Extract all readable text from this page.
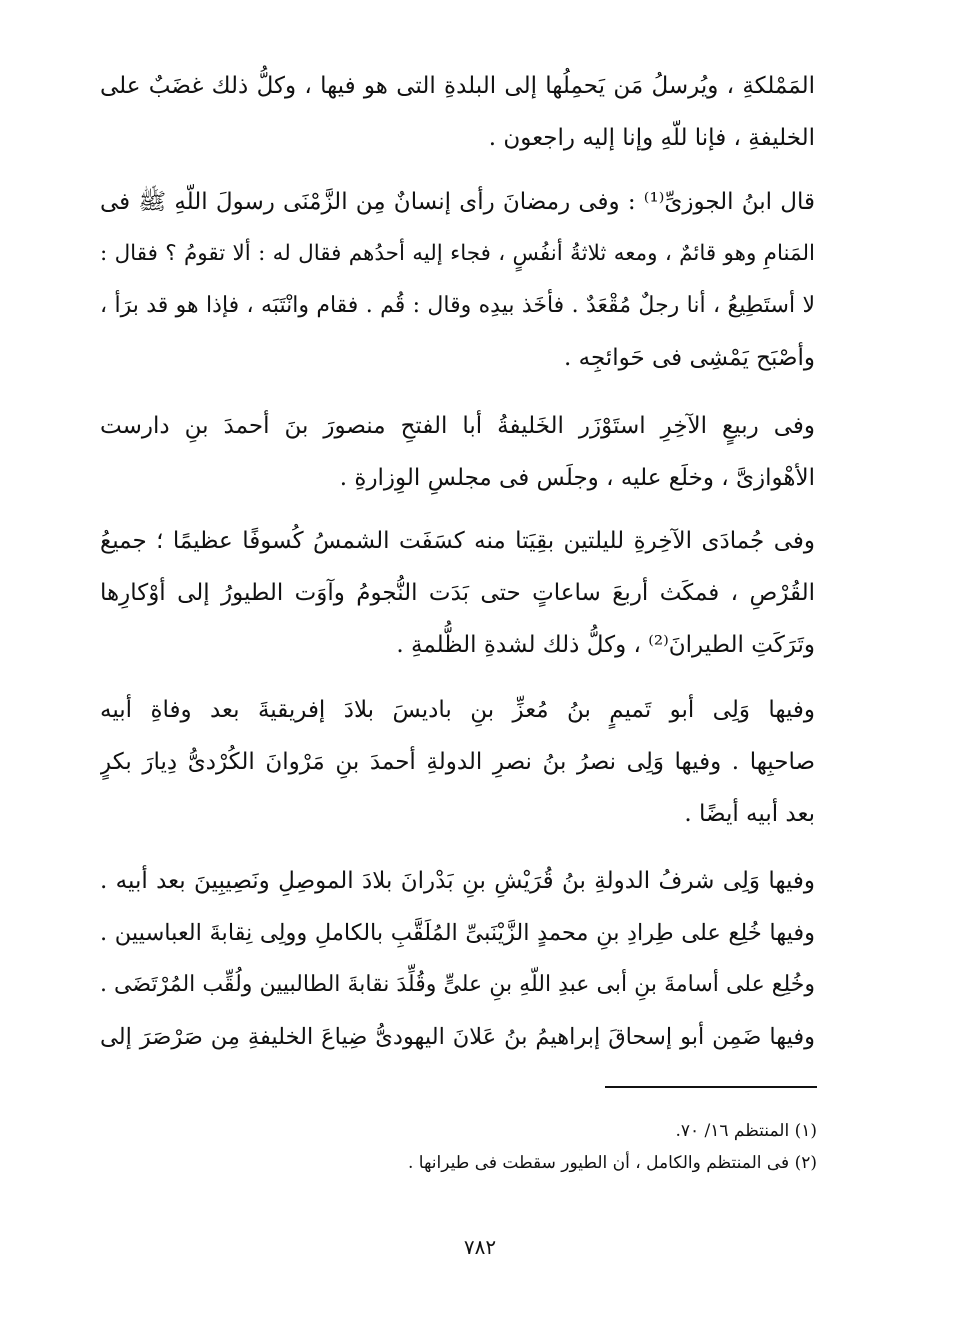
المَمْلكةِ ، ويُرسلُ مَن يَحمِلُها إلى البلدةِ التى هو فيها ، وكلُّ ذلك غضَبٌ على
الخليفةِ ، فإنا للّهِ وإنا إليه راجعون .
قال ابنُ الجوزىِّ⁽¹⁾ : وفى رمضانَ رأى إنسانٌ مِن الزَّمْنَى رسولَ اللّهِ ﷺ فى
المَنامِ وهو قائمٌ ، ومعه ثلاثةُ أنفُسٍ ، فجاء إليه أحدُهم فقال له : ألا تقومُ ؟ فقال :
لا أستَطِيعُ ، أنا رجلٌ مُقْعَدٌ . فأخَذ بيدِه وقال : قُم . فقام وانْتَبَه ، فإذا هو قد برَأ ،
وأصْبَح يَمْشِى فى حَوائجِه .
وفى ربيعٍ الآخِرِ استَوْزَر الخَليفةُ أبا الفتحِ منصورَ بنَ أحمدَ بنِ دارست
الأهْوازىَّ ، وخلَع عليه ، وجلَس فى مجلسِ الوِزارةِ .
وفى جُمادَى الآخِرةِ لليلتين بقِيَتا منه كسَفَت الشمسُ كُسوفًا عظيمًا ؛ جميعُ
القُرْصِ ، فمكَث أربعَ ساعاتٍ حتى بَدَت النُّجومُ وآوَت الطيورُ إلى أوْكارِها
وتَرَكَتِ الطيرانَ⁽²⁾ ، وكلُّ ذلك لشدةِ الظُّلمةِ .
وفيها وَلِى أبو تَميمٍ بنُ مُعزِّ بنِ باديسَ بلادَ إفريقيةَ بعد وفاةِ أبيه
صاحبِها . وفيها وَلِى نصرُ بنُ نصرِ الدولةِ أحمدَ بنِ مَرْوانَ الكُرْدىُّ دِيارَ بكرٍ
بعد أبيه أيضًا .
وفيها وَلِى شرفُ الدولةِ بنُ قُرَيْشِ بنِ بَدْرانَ بلادَ الموصِلِ ونَصِيبِينَ بعد أبيه .
وفيها خُلِع على طِرادِ بنِ محمدٍ الزَّيْنَبىِّ المُلَقَّبِ بالكاملِ وولِى نِقابةَ العباسيين .
وخُلِع على أسامةَ بنِ أبى عبدِ اللّهِ بنِ علىٍّ وقُلِّدَ نقابةَ الطالبيين ولُقِّب المُرْتَضَى .
وفيها ضَمِن أبو إسحاقَ إبراهيمُ بنُ عَلانَ اليهودىُّ ضِياعَ الخليفةِ مِن صَرْصَرَ إلى
(١) المنتظم ١٦/ ٧٠.
(٢) فى المنتظم والكامل ، أن الطيور سقطت فى طيرانها .
٧٨٢
